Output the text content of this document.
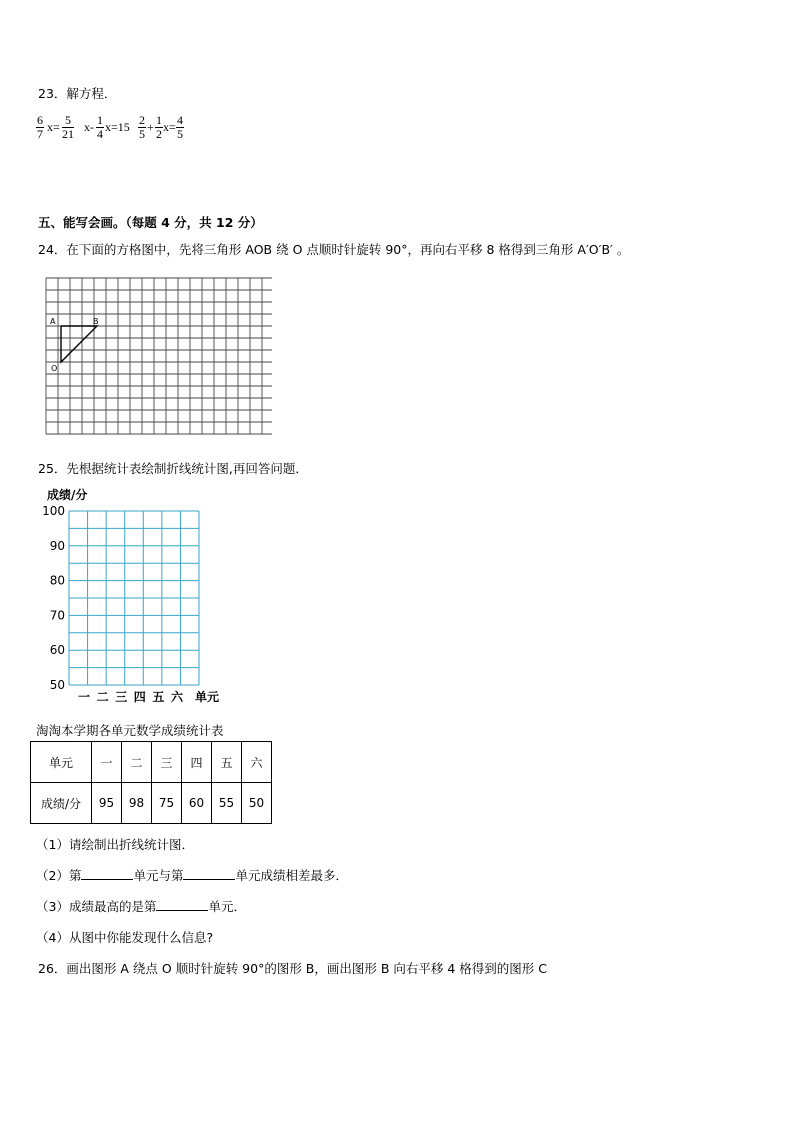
23．解方程．
$\frac{6}{7} x= \frac{5}{21} x- \frac{1}{4} x=15 \frac{2}{5} + \frac{1}{2} x= \frac{4}{5}$
五、能写会画。（每题 4 分，共 12 分）
24．在下面的方格图中，先将三角形 AOB 绕 O 点顺时针旋转 90°，再向右平移 8 格得到三角形 A′O′B′ 。
A	B
O
25．先根据统计表绘制折线统计图,再回答问题．
成绩/分
100
90
80
70
60
50
一 二 三 四 五 六 单元
淘淘本学期各单元数学成绩统计表
单元	一	二	三	四	五	六
成绩/分	95	98	75	60	55	50
（1）请绘制出折线统计图．
（2）第	单元与第	单元成绩相差最多．
（3）成绩最高的是第	单元．
（4）从图中你能发现什么信息?
26．画出图形 A 绕点 O 顺时针旋转 90°的图形 B，画出图形 B 向右平移 4 格得到的图形 C
